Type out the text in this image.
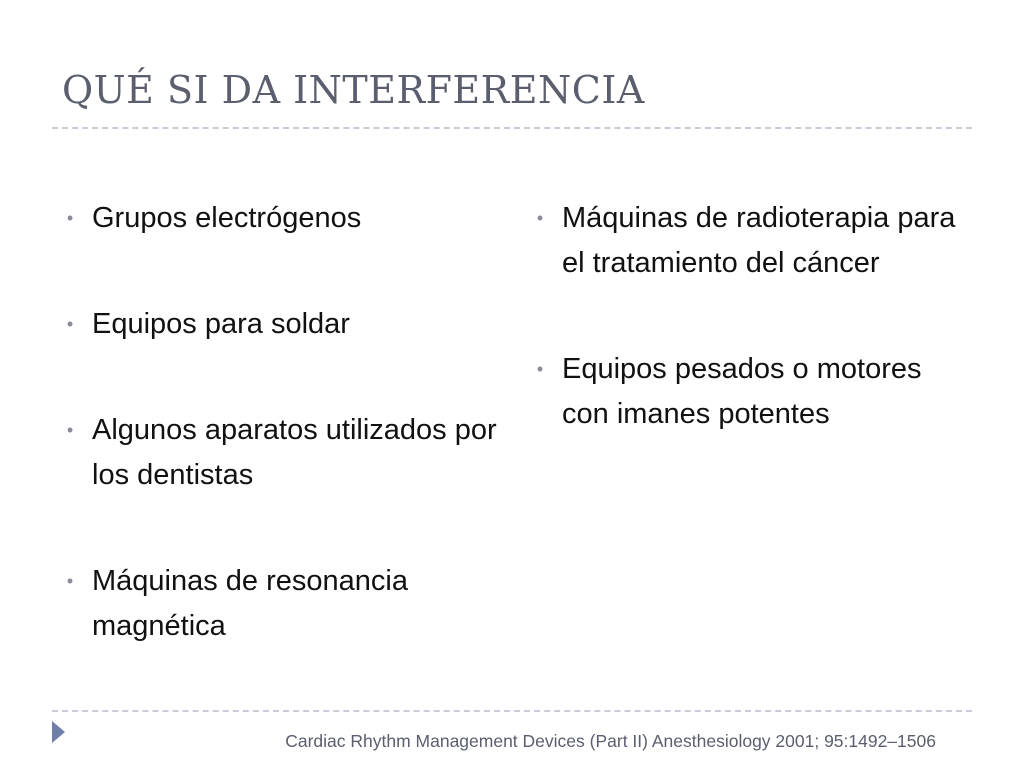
QUÉ SI DA INTERFERENCIA
• Grupos electrógenos
• Equipos para soldar
• Algunos aparatos utilizados por los dentistas
• Máquinas de resonancia magnética
• Máquinas de radioterapia para el tratamiento del cáncer
• Equipos pesados o motores con imanes potentes
Cardiac Rhythm Management Devices (Part II) Anesthesiology 2001; 95:1492–1506
